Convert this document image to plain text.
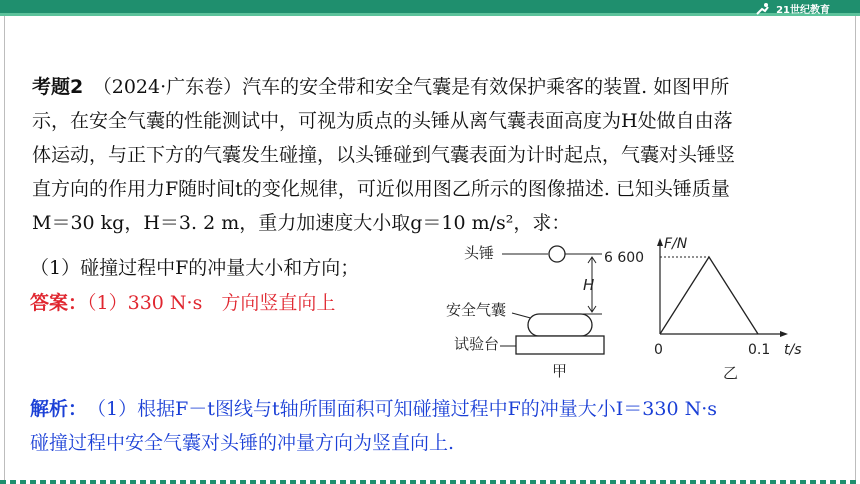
21世纪教育
考题2　 （2024·广东卷）汽车的安全带和安全气囊是有效保护乘客的装置. 如图甲所
示，在安全气囊的性能测试中，可视为质点的头锤从离气囊表面高度为H处做自由落
体运动，与正下方的气囊发生碰撞，以头锤碰到气囊表面为计时起点，气囊对头锤竖
直方向的作用力F随时间t的变化规律，可近似用图乙所示的图像描述. 已知头锤质量
M＝30 kg，H＝3. 2 m，重力加速度大小取g＝10 m/s²，求：
（1）碰撞过程中F的冲量大小和方向；
答案：（1）330 N·s　方向竖直向上
头锤
H
安全气囊
试验台
甲
F/N
t/s
0	0.1
6 600
乙
解析：　 （1）根据F－t图线与t轴所围面积可知碰撞过程中F的冲量大小I＝330 N·s
碰撞过程中安全气囊对头锤的冲量方向为竖直向上.
